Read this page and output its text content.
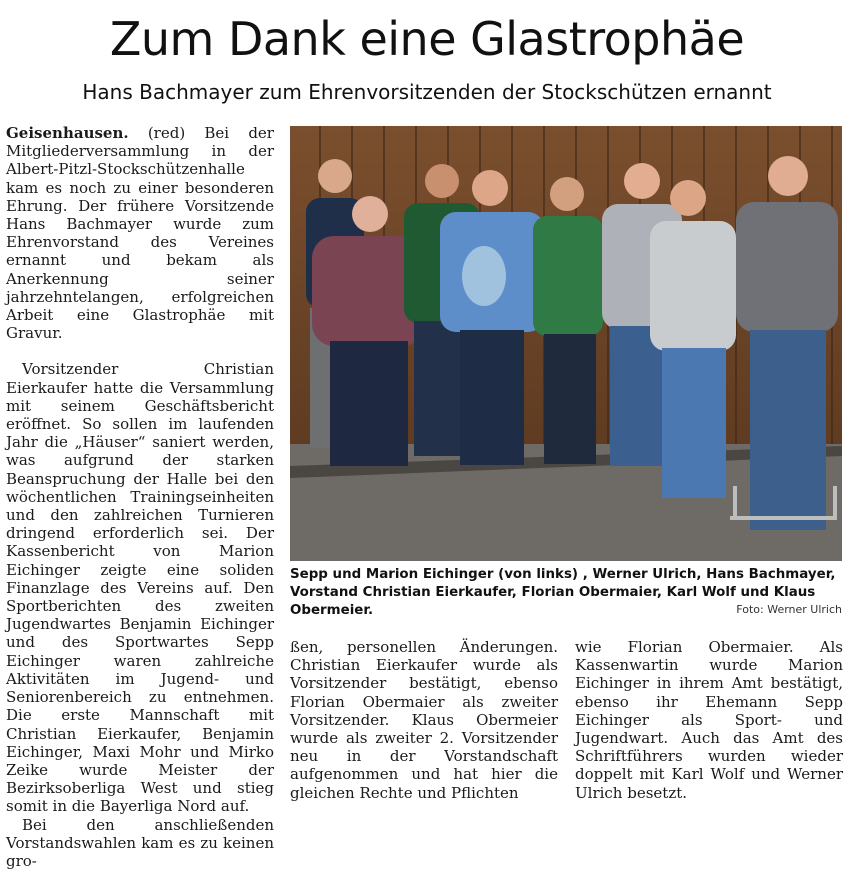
Zum Dank eine Glastrophäe
Hans Bachmayer zum Ehrenvorsitzenden der Stockschützen ernannt

Geisenhausen. (red) Bei der Mitgliederversammlung in der Albert-Pitzl-Stockschützenhalle kam es noch zu einer besonderen Ehrung. Der frühere Vorsitzende Hans Bachmayer wurde zum Ehrenvorstand des Vereines ernannt und bekam als Anerkennung seiner jahrzehntelangen, erfolgreichen Arbeit eine Glastrophäe mit Gravur.

Vorsitzender Christian Eierkaufer hatte die Versammlung mit seinem Geschäftsbericht eröffnet. So sollen im laufenden Jahr die „Häuser“ saniert werden, was aufgrund der starken Beanspruchung der Halle bei den wöchentlichen Trainingseinheiten und den zahlreichen Turnieren dringend erforderlich sei. Der Kassenbericht von Marion Eichinger zeigte eine soliden Finanzlage des Vereins auf. Den Sportberichten des zweiten Jugendwartes Benjamin Eichinger und des Sportwartes Sepp Eichinger waren zahlreiche Aktivitäten im Jugend- und Seniorenbereich zu entnehmen. Die erste Mannschaft mit Christian Eierkaufer, Benjamin Eichinger, Maxi Mohr und Mirko Zeike wurde Meister der Bezirksoberliga West und stieg somit in die Bayerliga Nord auf.

Bei den anschließenden Vorstandswahlen kam es zu keinen gro-

Sepp und Marion Eichinger (von links) , Werner Ulrich, Hans Bachmayer, Vorstand Christian Eierkaufer, Florian Obermaier, Karl Wolf und Klaus Obermeier.	Foto: Werner Ulrich

ßen, personellen Änderungen. Christian Eierkaufer wurde als Vorsitzender bestätigt, ebenso Florian Obermaier als zweiter Vorsitzender. Klaus Obermeier wurde als zweiter 2. Vorsitzender neu in der Vorstandschaft aufgenommen und hat hier die gleichen Rechte und Pflichten

wie Florian Obermaier. Als Kassenwartin wurde Marion Eichinger in ihrem Amt bestätigt, ebenso ihr Ehemann Sepp Eichinger als Sport- und Jugendwart. Auch das Amt des Schriftführers wurden wieder doppelt mit Karl Wolf und Werner Ulrich besetzt.
